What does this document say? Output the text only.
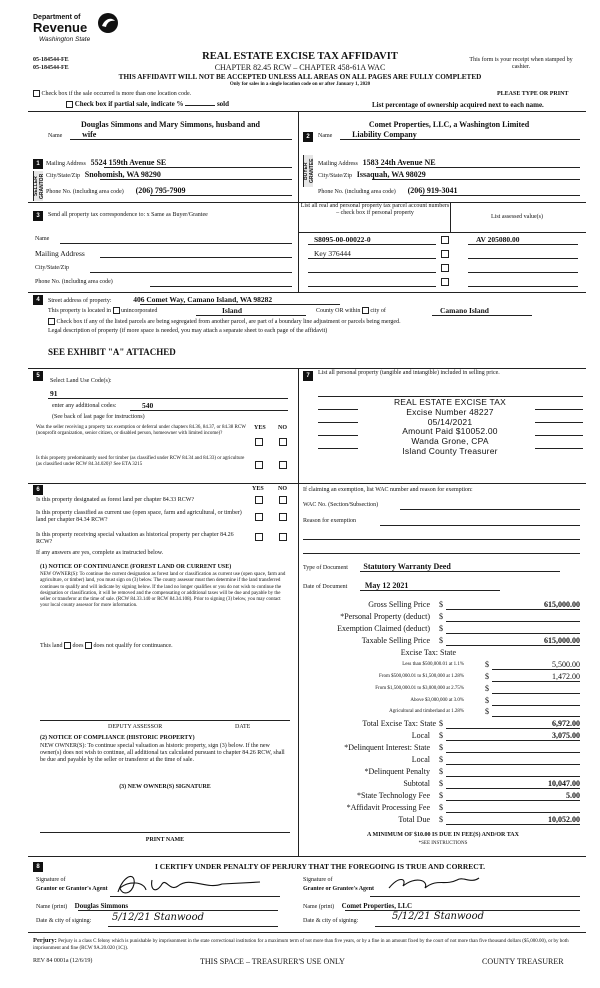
Department of
Revenue
Washington State
05-184544-FE
05-184544-FE
REAL ESTATE EXCISE TAX AFFIDAVIT
CHAPTER 82.45 RCW – CHAPTER 458-61A WAC
This form is your receipt when stamped by cashier.
THIS AFFIDAVIT WILL NOT BE ACCEPTED UNLESS ALL AREAS ON ALL PAGES ARE FULLY COMPLETED
Only for sales in a single location code on or after January 1, 2020
Check box if the sale occurred is more than one location code.	PLEASE TYPE OR PRINT
Check box if partial sale, indicate %	sold	List percentage of ownership acquired next to each name.
1
SELLER GRANTOR
Douglas Simmons and Mary Simmons, husband and
Name wife
Mailing Address 5524 159th Avenue SE
City/State/Zip Snohomish, WA 98290
Phone No. (including area code) (206) 795-7909
2
BUYER GRANTEE
Comet Properties, LLC, a Washington Limited
Name Liability Company
Mailing Address 1583 24th Avenue NE
City/State/Zip Issaquah, WA 98029
Phone No. (including area code) (206) 919-3041
3	Send all property tax correspondence to: x Same as Buyer/Grantee
Name
Mailing Address
City/State/Zip
Phone No. (including area code)
List all real and personal property tax parcel account numbers – check box if personal property
List assessed value(s)
S8095-00-00022-0	AV 205080.00
Key 376444
4	Street address of property:	406 Comet Way, Camano Island, WA 98282
This property is located in unincorporated	Island	County OR within city of	Camano Island
Check box if any of the listed parcels are being segregated from another parcel, are part of a boundary line adjustment or parcels being merged.
Legal description of property (if more space is needed, you may attach a separate sheet to each page of the affidavit)
SEE EXHIBIT "A" ATTACHED
5
Select Land Use Code(s):
91
enter any additional codes:	540
(See back of last page for instructions)
YES NO
Was the seller receiving a property tax exemption or deferral under chapters 84.36, 84.37, or 84.38 RCW (nonprofit organization, senior citizen, or disabled person, homeowner with limited income)?
Is this property predominantly used for timber (as classified under RCW 84.34 and 84.33) or agriculture (as classified under RCW 84.34.020)? See ETA 3215
6	YES NO
Is this property designated as forest land per chapter 84.33 RCW?
Is this property classified as current use (open space, farm and agricultural, or timber) land per chapter 84.34 RCW?
Is this property receiving special valuation as historical property per chapter 84.26 RCW?
If any answers are yes, complete as instructed below.
(1) NOTICE OF CONTINUANCE (FOREST LAND OR CURRENT USE)
NEW OWNER(S): To continue the current designation as forest land or classification as current use (open space, farm and agriculture, or timber) land, you must sign on (3) below. The county assessor must then determine if the land transferred continues to qualify and will indicate by signing below. If the land no longer qualifies or you do not wish to continue the designation or classification, it will be removed and the compensating or additional taxes will be due and payable by the seller or transferor at the time of sale. (RCW 84.33.140 or RCW 84.34.108). Prior to signing (3) below, you may contact your local county assessor for more information.
This land does does not qualify for continuance.
DEPUTY ASSESSOR	DATE
(2) NOTICE OF COMPLIANCE (HISTORIC PROPERTY)
NEW OWNER(S): To continue special valuation as historic property, sign (3) below. If the new owner(s) does not wish to continue, all additional tax calculated pursuant to chapter 84.26 RCW, shall be due and payable by the seller or transferor at the time of sale.
(3) NEW OWNER(S) SIGNATURE
PRINT NAME
7	List all personal property (tangible and intangible) included in selling price.
REAL ESTATE EXCISE TAX
Excise Number 48227
05/14/2021
Amount Paid $10052.00
Wanda Grone, CPA
Island County Treasurer
If claiming an exemption, list WAC number and reason for exemption:
WAC No. (Section/Subsection)
Reason for exemption
Type of Document Statutory Warranty Deed
Date of Document May 12 2021
Gross Selling Price $	615,000.00
*Personal Property (deduct) $
Exemption Claimed (deduct) $
Taxable Selling Price $	615,000.00
Excise Tax: State
Less than $500,000.01 at 1.1%	$	5,500.00
From $500,000.01 to $1,500,000 at 1.28%	$	1,472.00
From $1,500,000.01 to $3,000,000 at 2.75%	$
Above $3,000,000 at 3.0%	$
Agricultural and timberland at 1.28%	$
Total Excise Tax: State $	6,972.00
Local $	3,075.00
*Delinquent Interest: State $
Local $
*Delinquent Penalty $
Subtotal $	10,047.00
*State Technology Fee $	5.00
*Affidavit Processing Fee $
Total Due $	10,052.00
A MINIMUM OF $10.00 IS DUE IN FEE(S) AND/OR TAX
*SEE INSTRUCTIONS
8	I CERTIFY UNDER PENALTY OF PERJURY THAT THE FOREGOING IS TRUE AND CORRECT.
Signature of
Grantor or Grantor's Agent
Signature of
Grantee or Grantee's Agent
Name (print) Douglas Simmons	Name (print) Comet Properties, LLC
Date & city of signing: 5/12/21 Stanwood	Date & city of signing:	5/12/21 Stanwood
Perjury: Perjury is a class C felony which is punishable by imprisonment in the state correctional institution for a maximum term of not more than five years, or by a fine in an amount fixed by the court of not more than five thousand dollars ($5,000.00), or by both imprisonment and fine (RCW 9A.20.020 (1C)).
REV 84 0001a (12/6/19)	THIS SPACE – TREASURER'S USE ONLY	COUNTY TREASURER
